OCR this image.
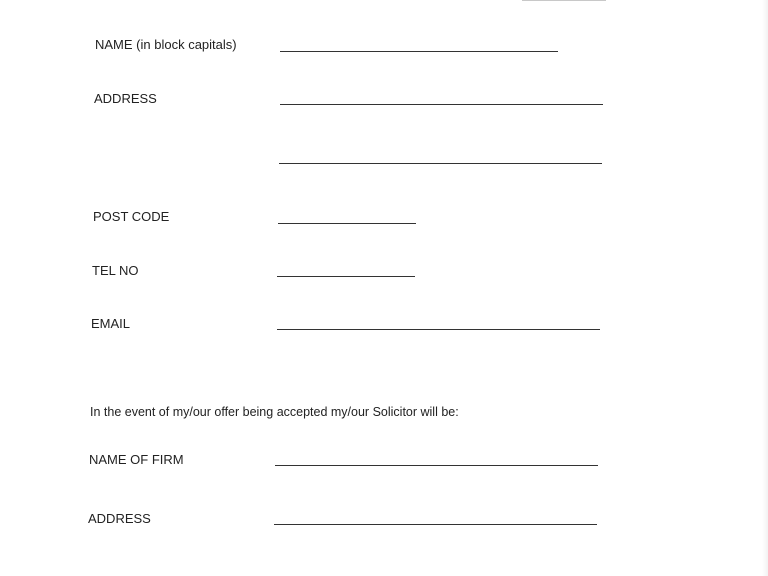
NAME (in block capitals)
ADDRESS
POST CODE
TEL NO
EMAIL
In the event of my/our offer being accepted my/our Solicitor will be:
NAME OF FIRM
ADDRESS
